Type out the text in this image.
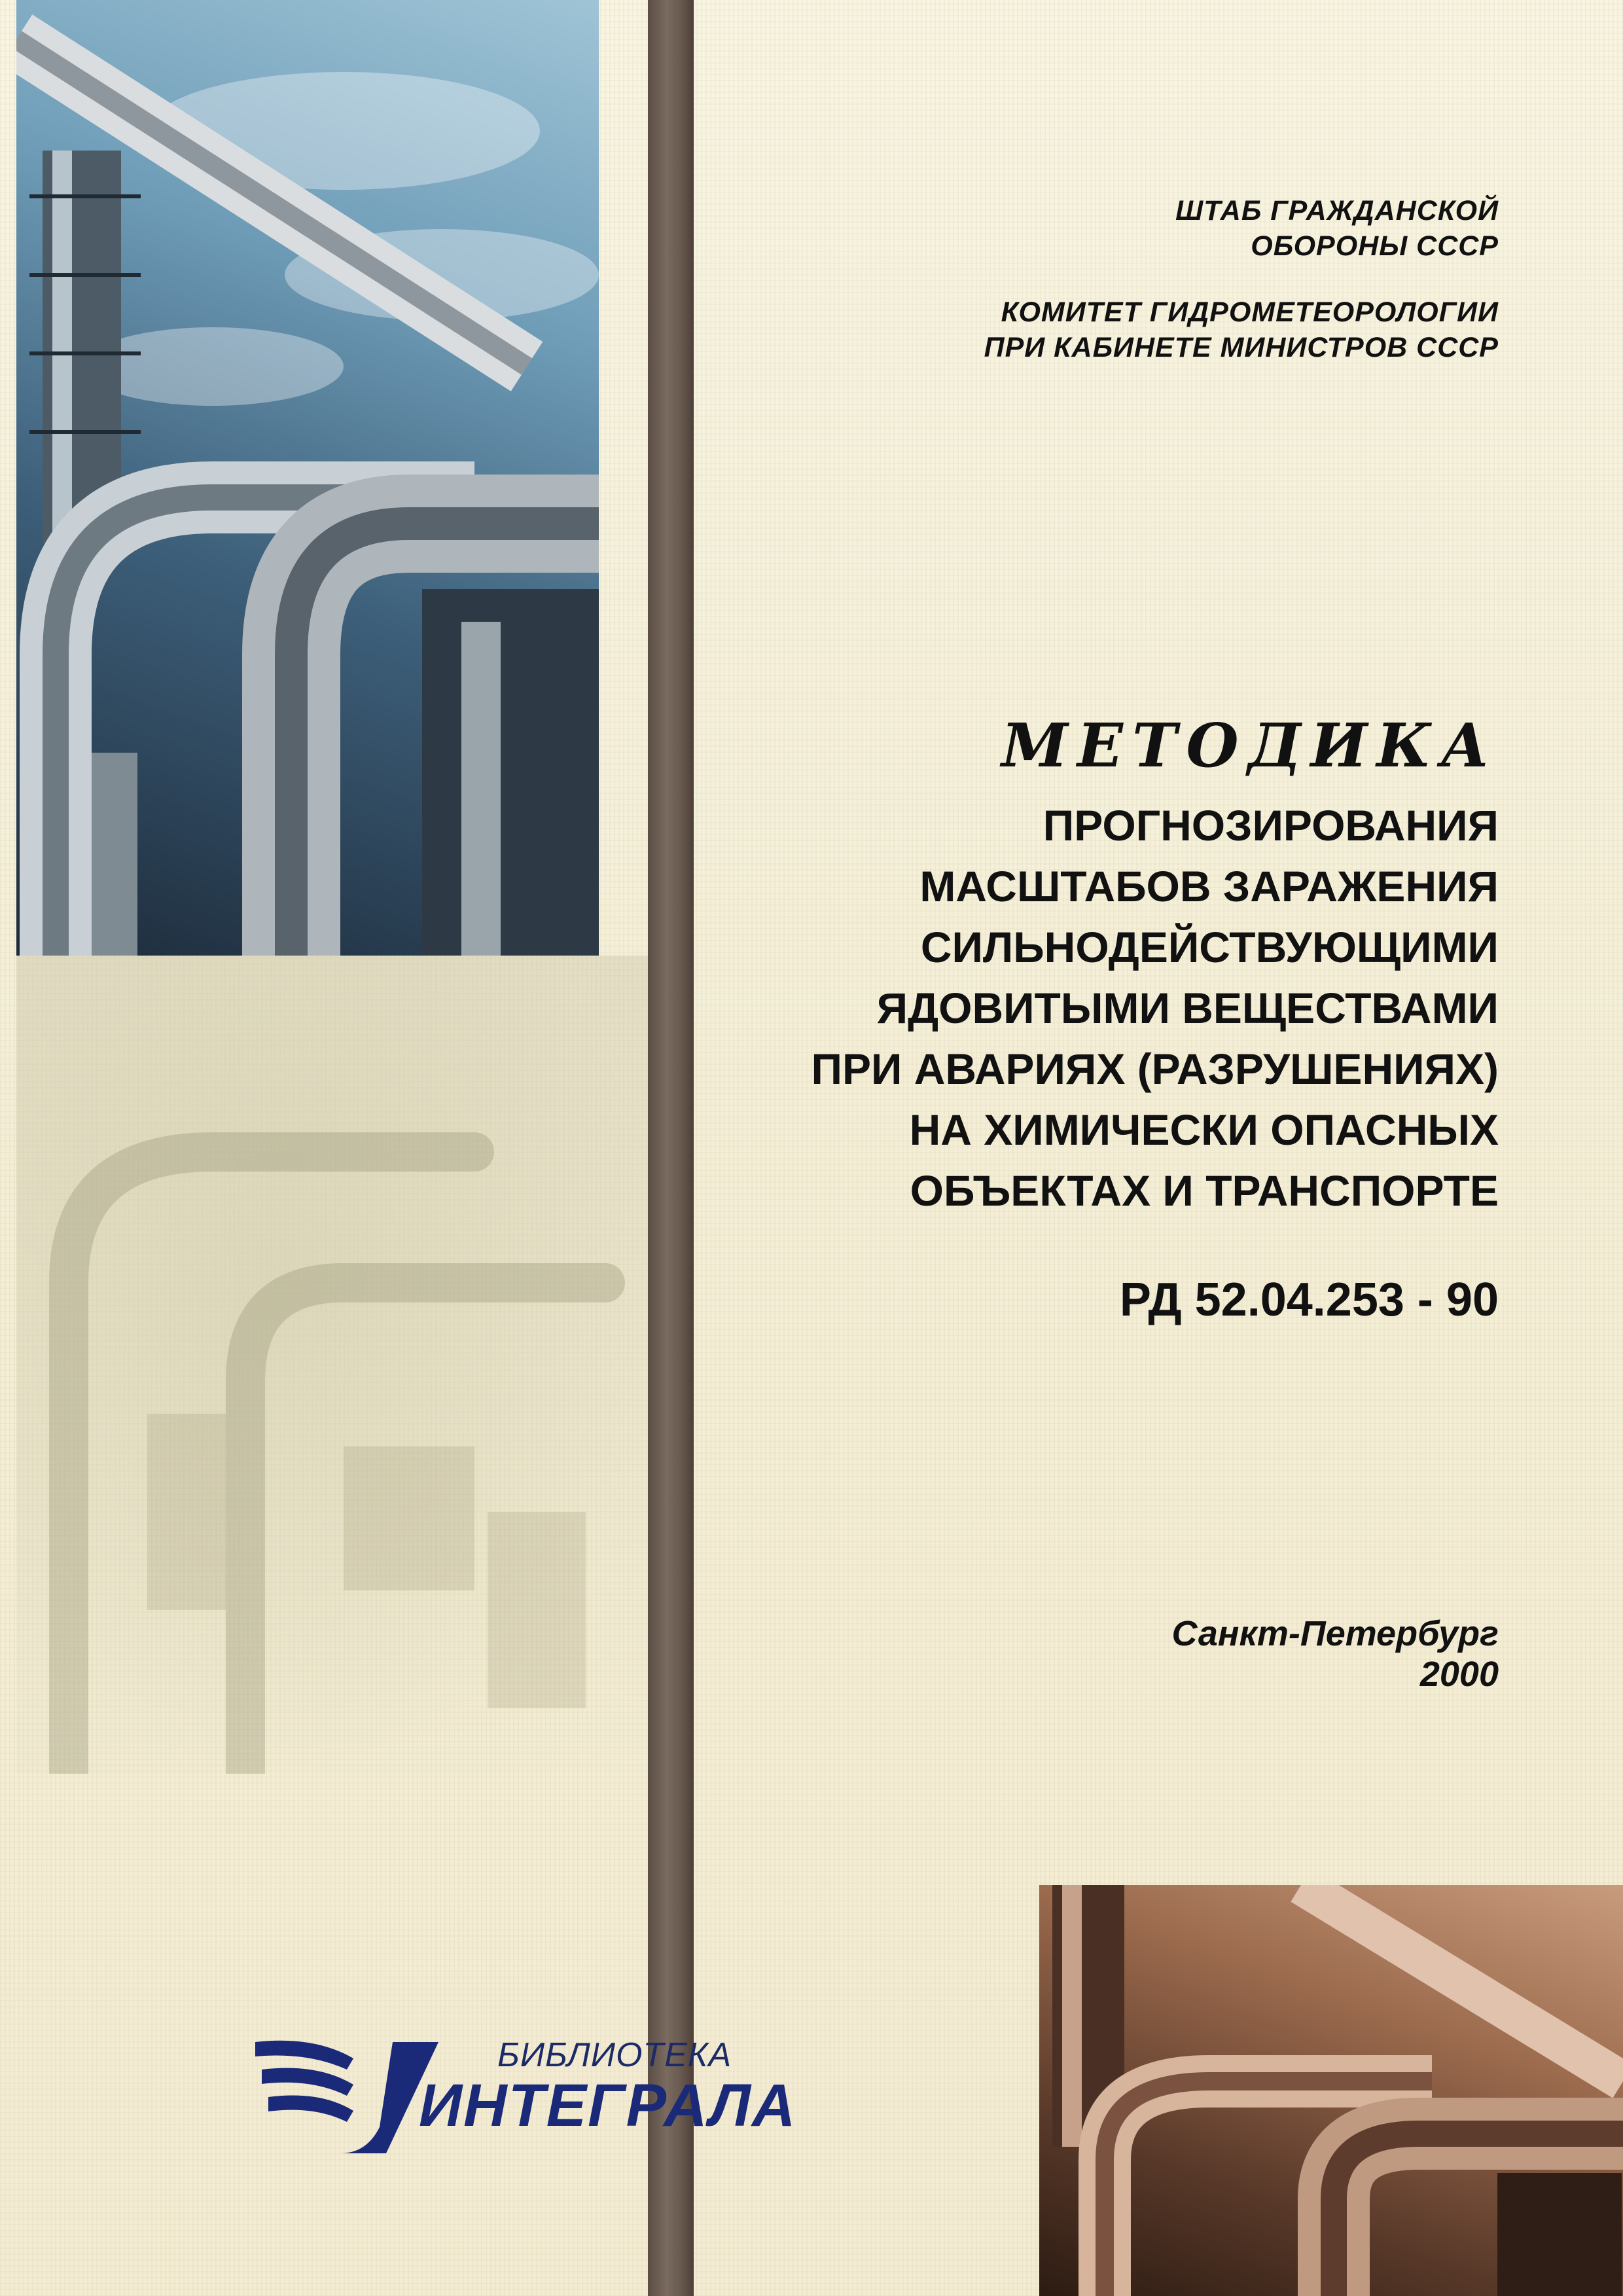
ШТАБ ГРАЖДАНСКОЙ
ОБОРОНЫ СССР
КОМИТЕТ ГИДРОМЕТЕОРОЛОГИИ
ПРИ КАБИНЕТЕ МИНИСТРОВ СССР
МЕТОДИКА
ПРОГНОЗИРОВАНИЯ
МАСШТАБОВ ЗАРАЖЕНИЯ
СИЛЬНОДЕЙСТВУЮЩИМИ
ЯДОВИТЫМИ ВЕЩЕСТВАМИ
ПРИ АВАРИЯХ (РАЗРУШЕНИЯХ)
НА ХИМИЧЕСКИ ОПАСНЫХ
ОБЪЕКТАХ И ТРАНСПОРТЕ
РД 52.04.253 - 90
Санкт-Петербург
2000
БИБЛИОТЕКА
ИНТЕГРАЛА
